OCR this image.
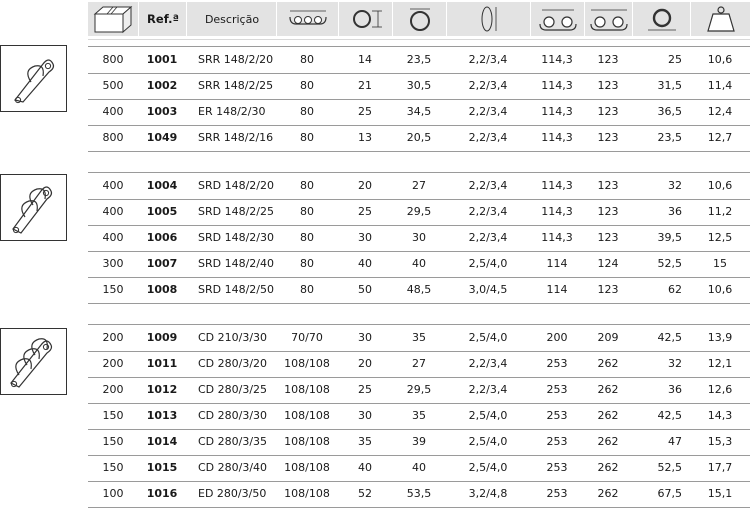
Ref.ª Descrição
800	1001	SRR 148/2/20	80	14	23,5	2,2/3,4	114,3	123	25	10,6
500	1002	SRR 148/2/25	80	21	30,5	2,2/3,4	114,3	123	31,5	11,4
400	1003	ER 148/2/30	80	25	34,5	2,2/3,4	114,3	123	36,5	12,4
800	1049	SRR 148/2/16	80	13	20,5	2,2/3,4	114,3	123	23,5	12,7
400	1004	SRD 148/2/20	80	20	27	2,2/3,4	114,3	123	32	10,6
400	1005	SRD 148/2/25	80	25	29,5	2,2/3,4	114,3	123	36	11,2
400	1006	SRD 148/2/30	80	30	30	2,2/3,4	114,3	123	39,5	12,5
300	1007	SRD 148/2/40	80	40	40	2,5/4,0	114	124	52,5	15
150	1008	SRD 148/2/50	80	50	48,5	3,0/4,5	114	123	62	10,6
200	1009	CD 210/3/30	70/70	30	35	2,5/4,0	200	209	42,5	13,9
200	1011	CD 280/3/20	108/108	20	27	2,2/3,4	253	262	32	12,1
200	1012	CD 280/3/25	108/108	25	29,5	2,2/3,4	253	262	36	12,6
150	1013	CD 280/3/30	108/108	30	35	2,5/4,0	253	262	42,5	14,3
150	1014	CD 280/3/35	108/108	35	39	2,5/4,0	253	262	47	15,3
150	1015	CD 280/3/40	108/108	40	40	2,5/4,0	253	262	52,5	17,7
100	1016	ED 280/3/50	108/108	52	53,5	3,2/4,8	253	262	67,5	15,1
